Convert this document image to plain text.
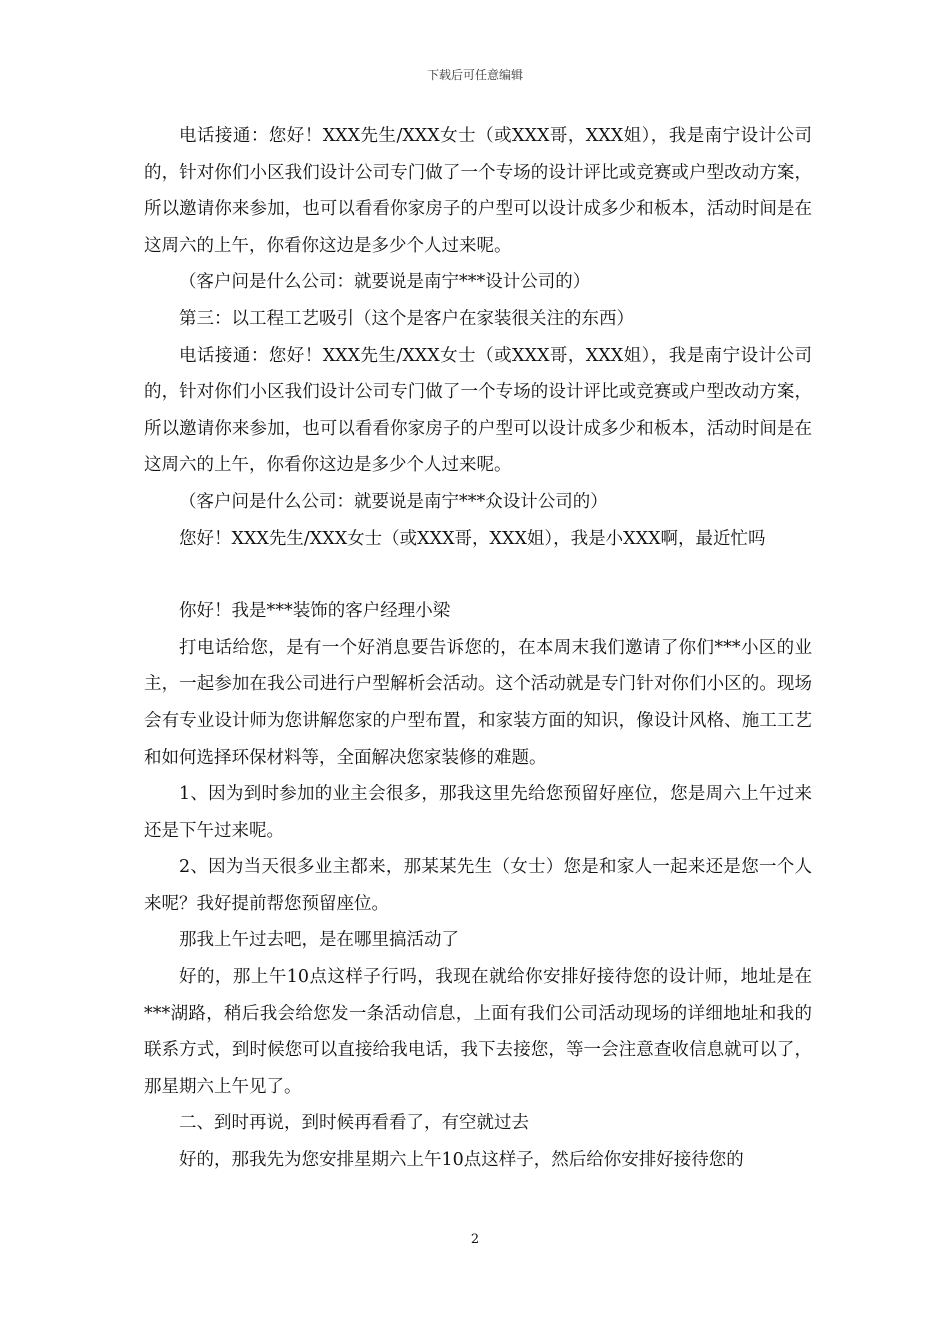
下载后可任意编辑

电话接通：您好！XXX先生/XXX女士（或XXX哥，XXX姐），我是南宁设计公司的，针对你们小区我们设计公司专门做了一个专场的设计评比或竞赛或户型改动方案，所以邀请你来参加，也可以看看你家房子的户型可以设计成多少和板本，活动时间是在这周六的上午，你看你这边是多少个人过来呢。

（客户问是什么公司：就要说是南宁***设计公司的）

第三：以工程工艺吸引（这个是客户在家装很关注的东西）

电话接通：您好！XXX先生/XXX女士（或XXX哥，XXX姐），我是南宁设计公司的，针对你们小区我们设计公司专门做了一个专场的设计评比或竞赛或户型改动方案，所以邀请你来参加，也可以看看你家房子的户型可以设计成多少和板本，活动时间是在这周六的上午，你看你这边是多少个人过来呢。

（客户问是什么公司：就要说是南宁***众设计公司的）

您好！XXX先生/XXX女士（或XXX哥，XXX姐），我是小XXX啊，最近忙吗

你好！我是***装饰的客户经理小梁

打电话给您，是有一个好消息要告诉您的，在本周末我们邀请了你们***小区的业主，一起参加在我公司进行户型解析会活动。这个活动就是专门针对你们小区的。现场会有专业设计师为您讲解您家的户型布置，和家装方面的知识，像设计风格、施工工艺和如何选择环保材料等，全面解决您家装修的难题。

1、因为到时参加的业主会很多，那我这里先给您预留好座位，您是周六上午过来还是下午过来呢。

2、因为当天很多业主都来，那某某先生（女士）您是和家人一起来还是您一个人来呢？我好提前帮您预留座位。

那我上午过去吧，是在哪里搞活动了

好的，那上午10点这样子行吗，我现在就给你安排好接待您的设计师，地址是在***湖路，稍后我会给您发一条活动信息，上面有我们公司活动现场的详细地址和我的联系方式，到时候您可以直接给我电话，我下去接您，等一会注意查收信息就可以了，那星期六上午见了。

二、到时再说，到时候再看看了，有空就过去

好的，那我先为您安排星期六上午10点这样子，然后给你安排好接待您的

2
